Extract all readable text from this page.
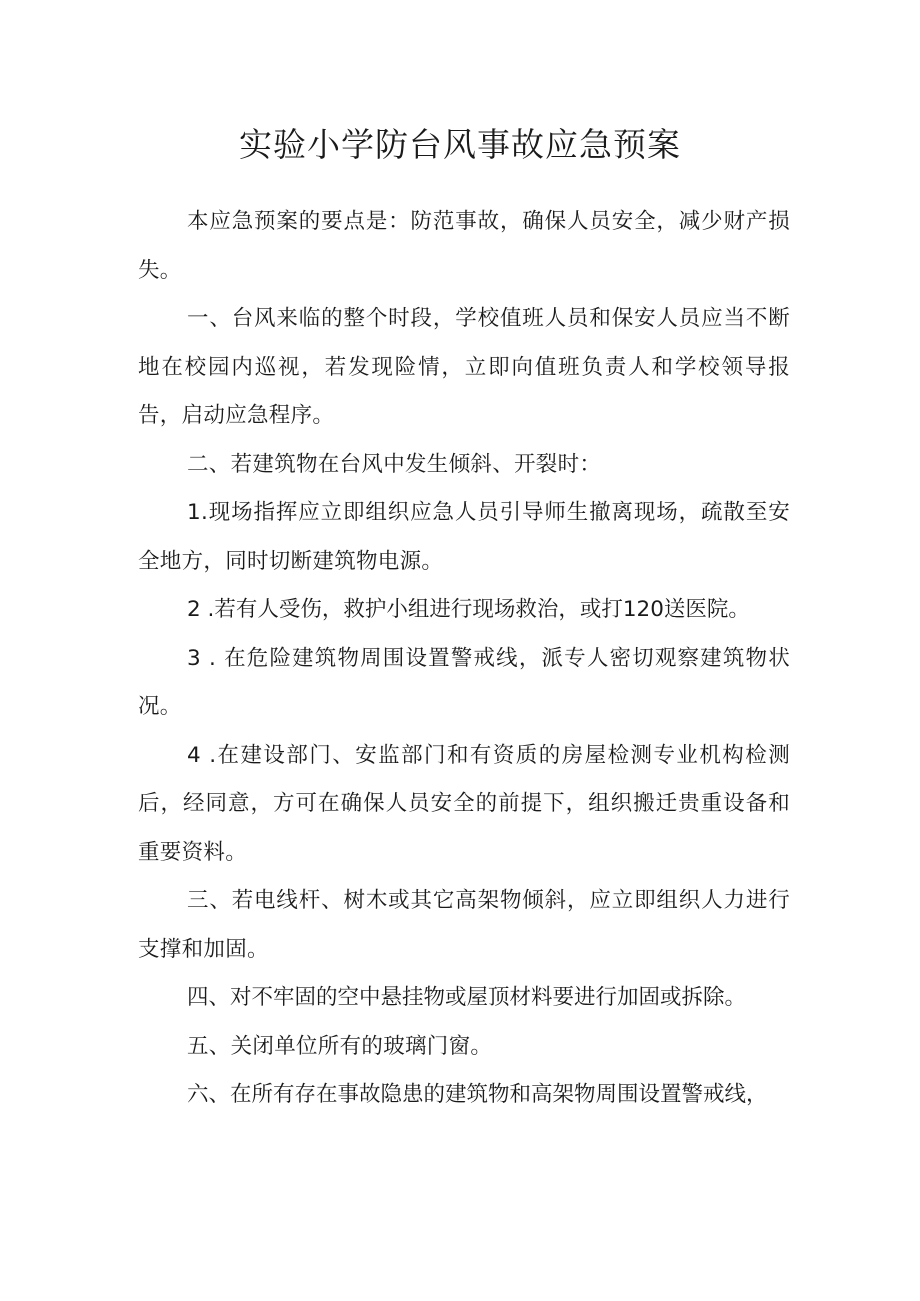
实验小学防台风事故应急预案

本应急预案的要点是：防范事故，确保人员安全，减少财产损失。

一、台风来临的整个时段，学校值班人员和保安人员应当不断地在校园内巡视，若发现险情，立即向值班负责人和学校领导报告，启动应急程序。

二、若建筑物在台风中发生倾斜、开裂时：

1.现场指挥应立即组织应急人员引导师生撤离现场，疏散至安全地方，同时切断建筑物电源。

2 .若有人受伤，救护小组进行现场救治，或打120送医院。

3 . 在危险建筑物周围设置警戒线，派专人密切观察建筑物状况。

4 .在建设部门、安监部门和有资质的房屋检测专业机构检测后，经同意，方可在确保人员安全的前提下，组织搬迁贵重设备和重要资料。

三、若电线杆、树木或其它高架物倾斜，应立即组织人力进行支撑和加固。

四、对不牢固的空中悬挂物或屋顶材料要进行加固或拆除。

五、关闭单位所有的玻璃门窗。

六、在所有存在事故隐患的建筑物和高架物周围设置警戒线，
